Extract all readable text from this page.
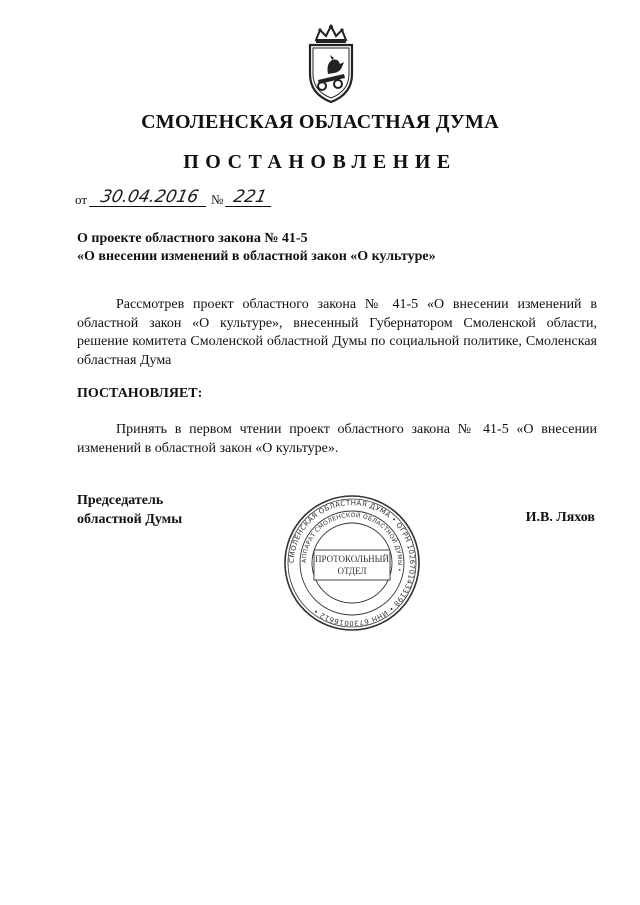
СМОЛЕНСКАЯ ОБЛАСТНАЯ ДУМА
ПОСТАНОВЛЕНИЕ
от 30.04.2016 № 221
О проекте областного закона № 41-5
«О внесении изменений в областной закон «О культуре»
Рассмотрев проект областного закона № 41-5 «О внесении изменений в областной закон «О культуре», внесенный Губернатором Смоленской области, решение комитета Смоленской областной Думы по социальной политике, Смоленская областная Дума
ПОСТАНОВЛЯЕТ:
Принять в первом чтении проект областного закона № 41-5 «О внесении изменений в областной закон «О культуре».
Председатель
областной Думы	И.В. Ляхов
СМОЛЕНСКАЯ ОБЛАСТНАЯ ДУМА • ОГРН 1026701433198 • ИНН 6730016612 •
АППАРАТ СМОЛЕНСКОЙ ОБЛАСТНОЙ ДУМЫ •
ПРОТОКОЛЬНЫЙ
ОТДЕЛ
